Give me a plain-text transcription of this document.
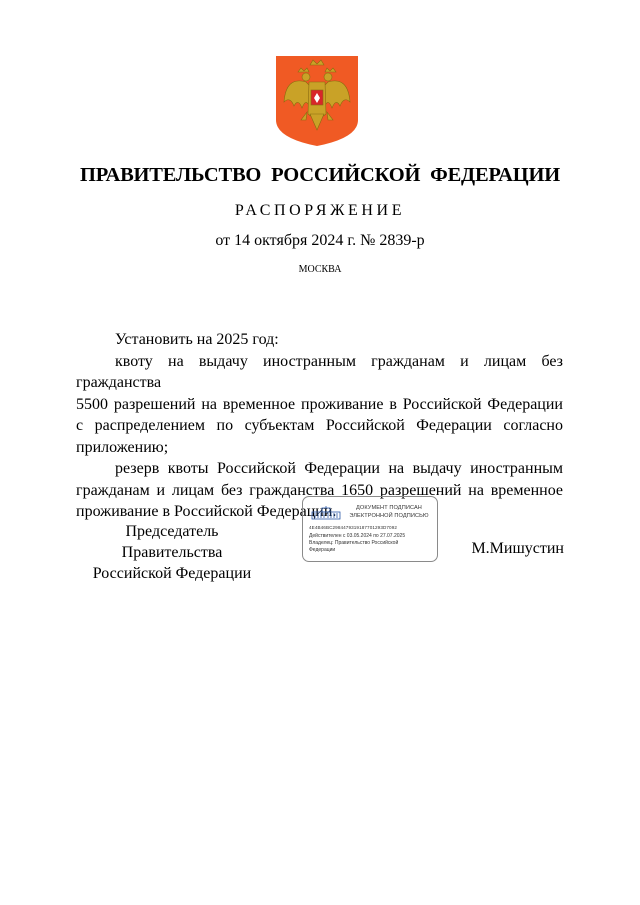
ПРАВИТЕЛЬСТВО РОССИЙСКОЙ ФЕДЕРАЦИИ
РАСПОРЯЖЕНИЕ
от 14 октября 2024 г. № 2839-р
МОСКВА

Установить на 2025 год:

квоту на выдачу иностранным гражданам и лицам без гражданства
5500 разрешений на временное проживание в Российской Федерации
с распределением по субъектам Российской Федерации согласно
приложению;

резерв квоты Российской Федерации на выдачу иностранным
гражданам и лицам без гражданства 1650 разрешений на временное
проживание в Российской Федерации.

Председатель Правительства
Российской Федерации
М.Мишустин
ДОКУМЕНТ ПОДПИСАН
ЭЛЕКТРОННОЙ ПОДПИСЬЮ
4E4B46BC2984479319187701293D7092
Действителен с 03.05.2024 по 27.07.2025
Владелец: Правительство Российской
Федерации
